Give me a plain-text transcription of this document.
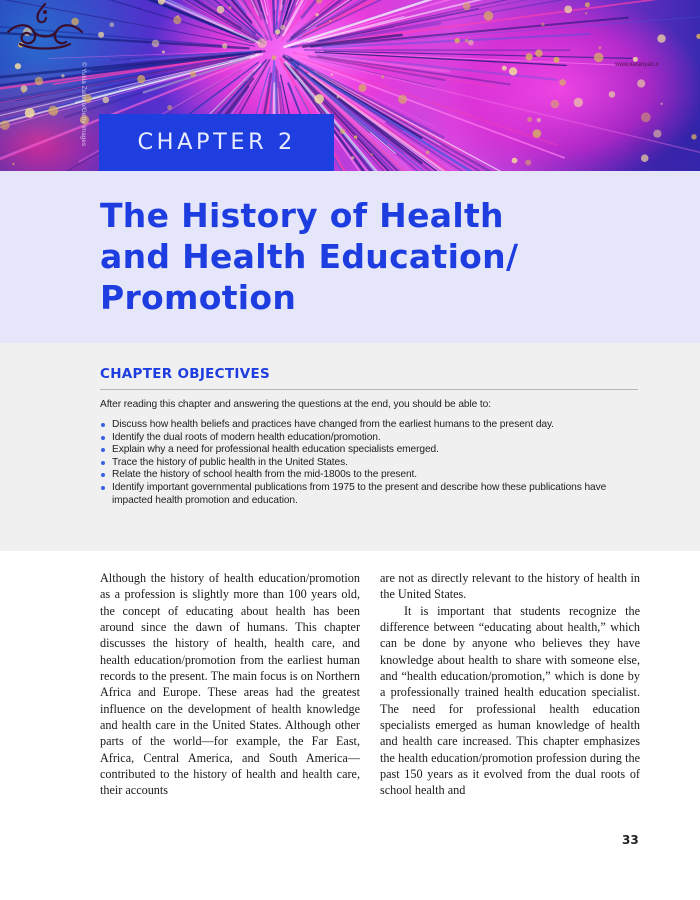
© Yuliia Zalizko/Getty Images	www.ketabyab.ir
CHAPTER 2
The History of Health
and Health Education/
Promotion
CHAPTER OBJECTIVES

After reading this chapter and answering the questions at the end, you should be able to:

Discuss how health beliefs and practices have changed from the earliest humans to the present day.
Identify the dual roots of modern health education/promotion.
Explain why a need for professional health education specialists emerged.
Trace the history of public health in the United States.
Relate the history of school health from the mid-1800s to the present.
Identify important governmental publications from 1975 to the present and describe how these publications have impacted health promotion and education.

Although the history of health education/​promotion as a profession is slightly more than 100 years old, the concept of educating about health has been around since the dawn of humans. This chapter discusses the history of health, health care, and health education/​promotion from the earliest human records to the present. The main focus is on Northern Africa and Europe. These areas had the greatest influence on the development of health knowledge and health care in the United States. Although other parts of the world—for example, the Far East, Africa, Central America, and South America—contributed to the history of health and health care, their accounts

are not as directly relevant to the history of health in the United States.

It is important that students recognize the difference between “educating about health,” which can be done by anyone who believes they have knowledge about health to share with someone else, and “health education/​promotion,” which is done by a professionally trained health education specialist. The need for professional health education specialists emerged as human knowledge of health and health care increased. This chapter emphasizes the health education/promotion profession during the past 150 years as it evolved from the dual roots of school health and

33
